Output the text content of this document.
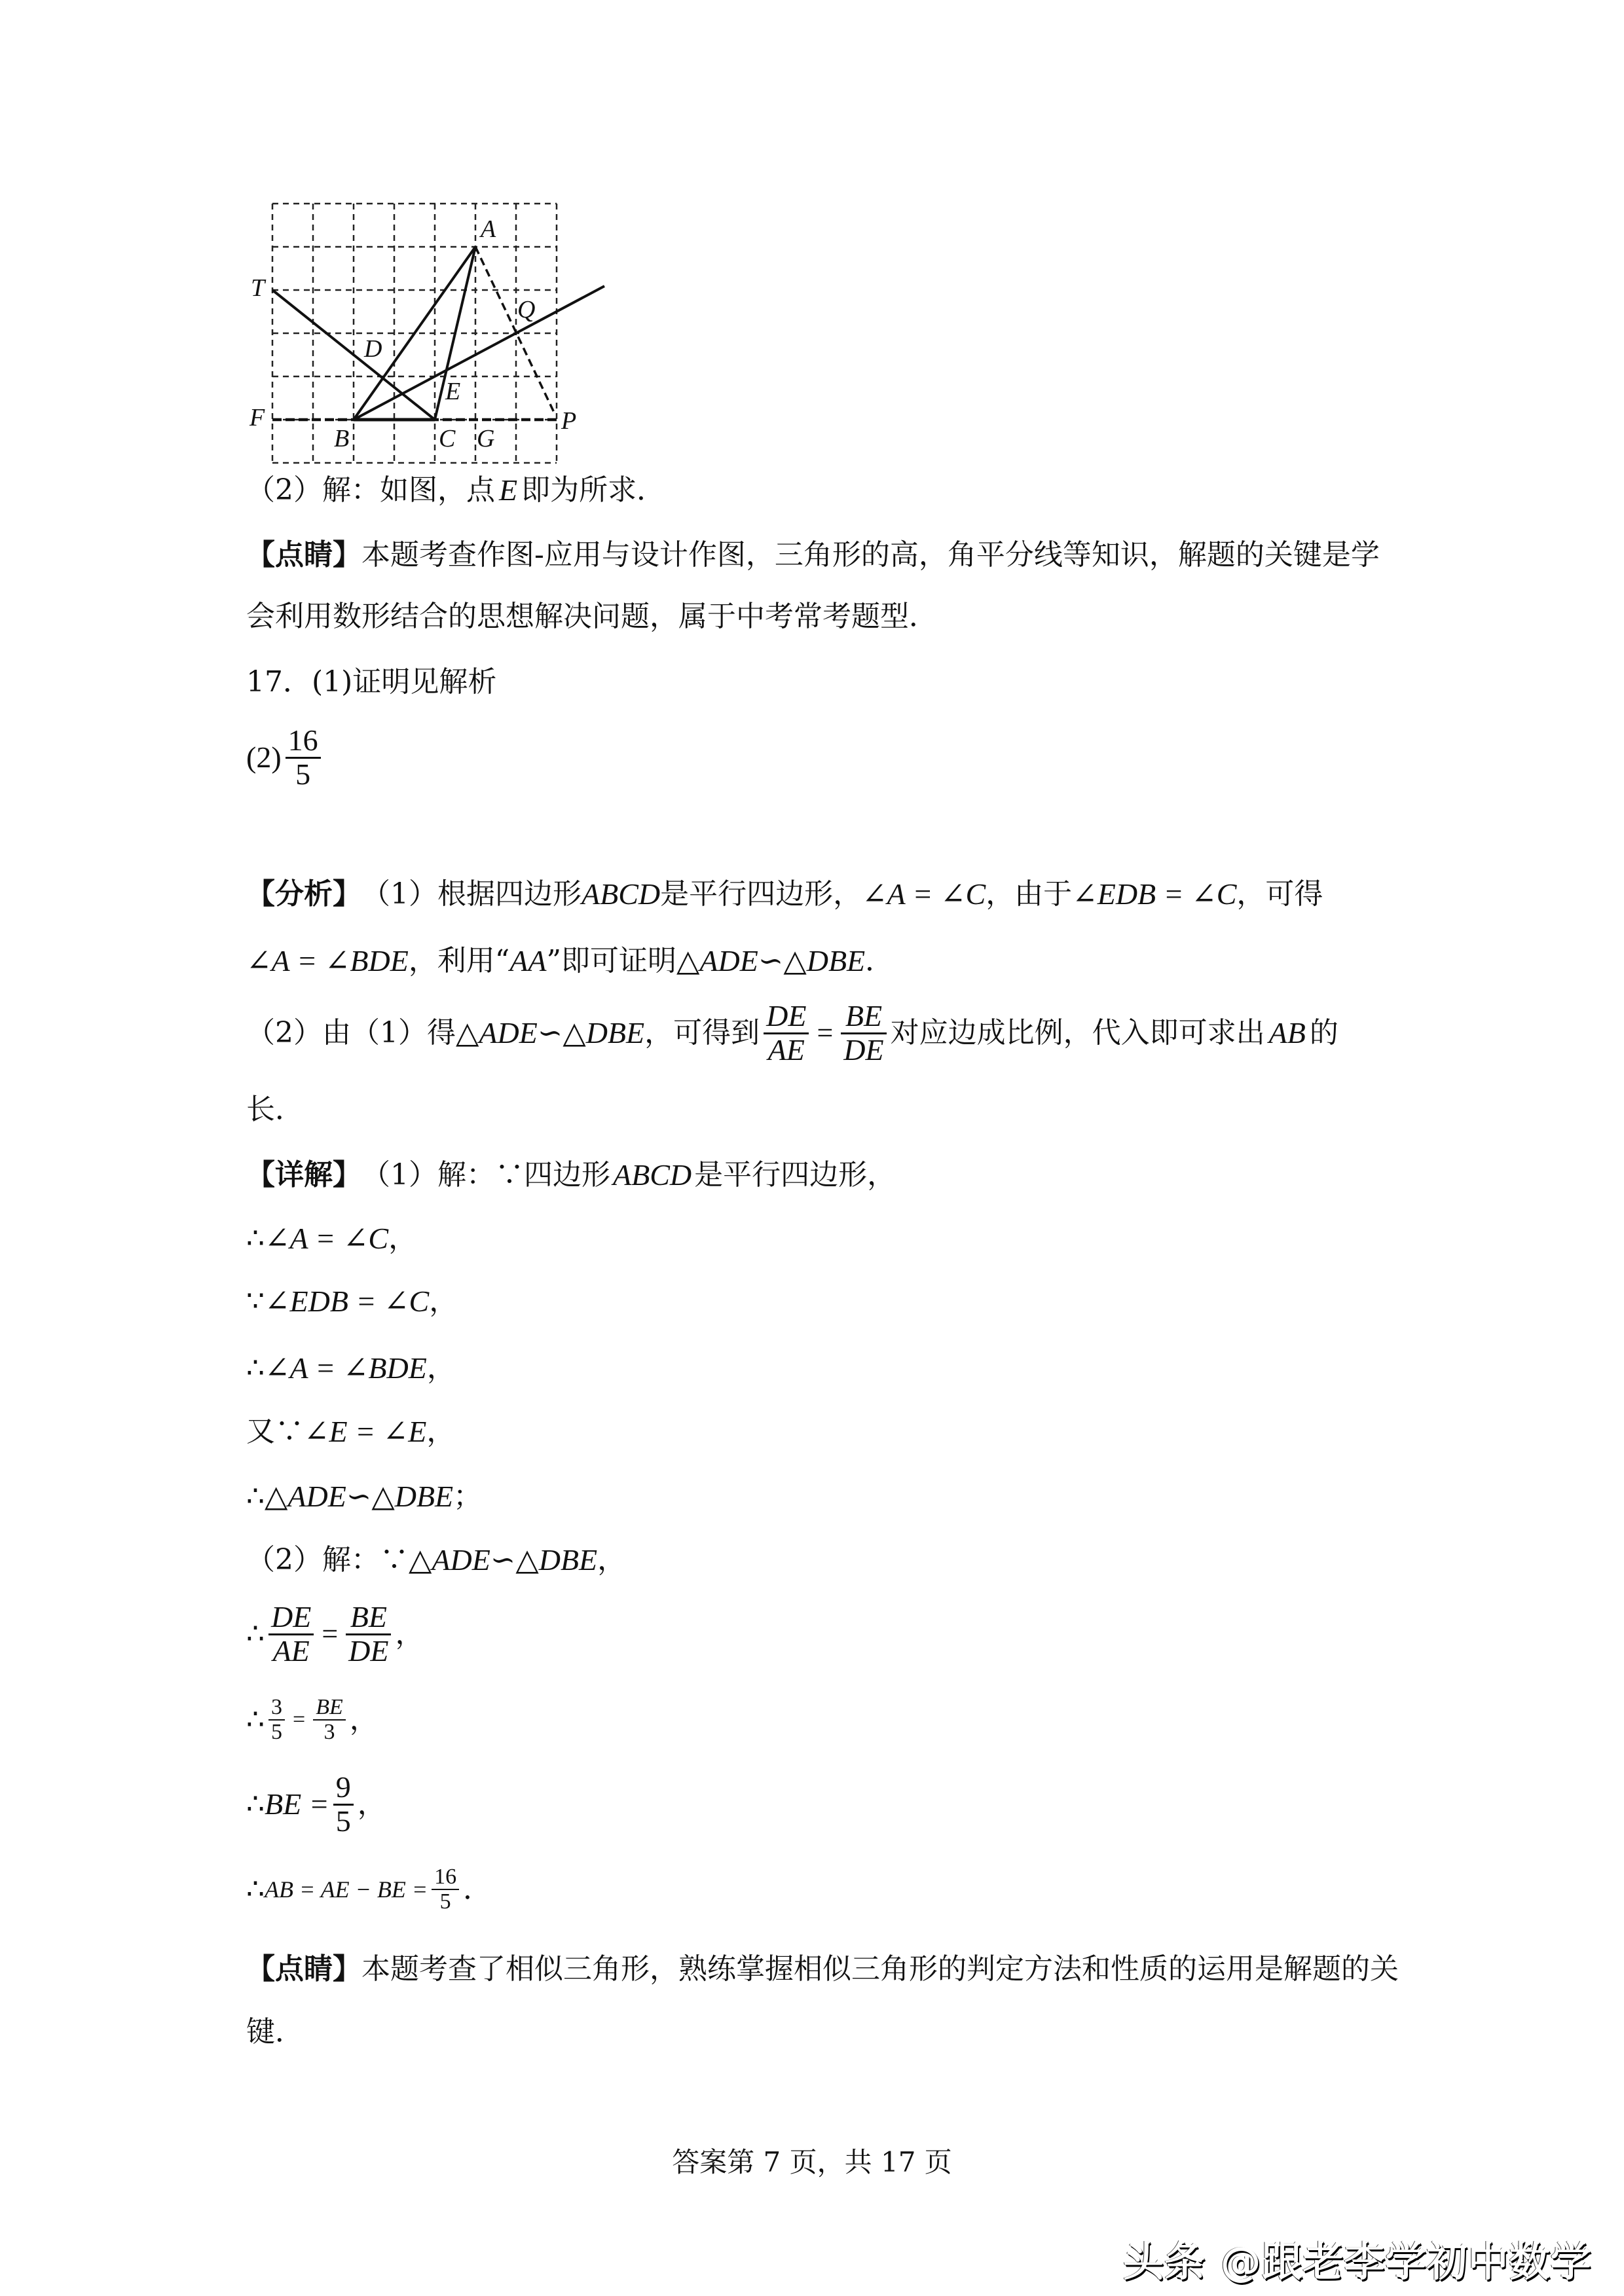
A
T
Q
D
E
F
B	C G
P
（2）解：如图，点 E 即为所求．
【点睛】 本题考查作图-应用与设计作图，三角形的高，角平分线等知识，解题的关键是学
会利用数形结合的思想解决问题，属于中考常考题型．
17．(1)证明见解析
$(2) \frac{16}{5}$
【分析】 （1）根据四边形 ABCD 是平行四边形， ∠A = ∠C ，由于 ∠EDB = ∠C ，可得
∠A = ∠BDE ，利用“ AA ”即可证明 △ADE∽△DBE ．
（2）由（1）得 △ADE∽△DBE ，可得到 $\frac{DE}{AE} = \frac{BE}{DE}$ 对应边成比例，代入即可求出 AB 的
长．
【详解】 （1）解：∵四边形 ABCD 是平行四边形，
∴ ∠A = ∠C ，
∵ ∠EDB = ∠C ，
∴ ∠A = ∠BDE ，
又∵ ∠E = ∠E ，
∴ △ADE∽△DBE ；
（2）解：∵ △ADE∽△DBE ，
∴ $\frac{DE}{AE} = \frac{BE}{DE}$ ，
∴ $\frac{3}{5} = \frac{BE}{3}$ ，
∴ BE = $\frac{9}{5}$ ，
∴ AB = AE − BE = $\frac{16}{5}$ ．
【点睛】 本题考查了相似三角形，熟练掌握相似三角形的判定方法和性质的运用是解题的关
键．
答案第 7 页，共 17 页
头条 @跟老李学初中数学
